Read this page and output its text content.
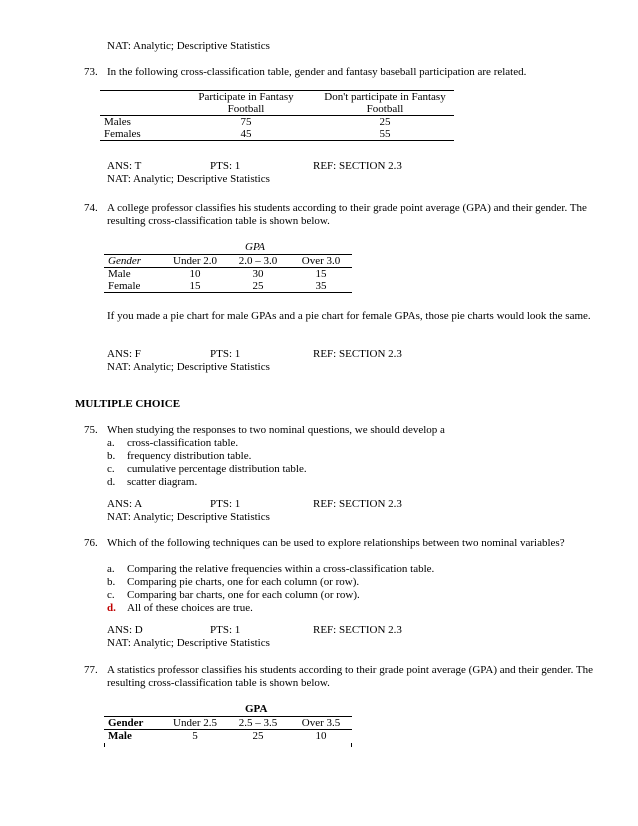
NAT: Analytic; Descriptive Statistics
73. In the following cross-classification table, gender and fantasy baseball participation are related.
	Participate in Fantasy Football	Don't participate in Fantasy Football
Males	75	25
Females	45	55
ANS: T	PTS: 1	REF: SECTION 2.3
NAT: Analytic; Descriptive Statistics
74. A college professor classifies his students according to their grade point average (GPA) and their gender. The resulting cross-classification table is shown below.
GPA
Gender	Under 2.0	2.0 – 3.0	Over 3.0
Male	10	30	15
Female	15	25	35
If you made a pie chart for male GPAs and a pie chart for female GPAs, those pie charts would look the same.
ANS: F	PTS: 1	REF: SECTION 2.3
NAT: Analytic; Descriptive Statistics
MULTIPLE CHOICE
75. When studying the responses to two nominal questions, we should develop a
a. cross-classification table.
b. frequency distribution table.
c. cumulative percentage distribution table.
d. scatter diagram.
ANS: A	PTS: 1	REF: SECTION 2.3
NAT: Analytic; Descriptive Statistics
76. Which of the following techniques can be used to explore relationships between two nominal variables?
a. Comparing the relative frequencies within a cross-classification table.
b. Comparing pie charts, one for each column (or row).
c. Comparing bar charts, one for each column (or row).
d. All of these choices are true.
ANS: D	PTS: 1	REF: SECTION 2.3
NAT: Analytic; Descriptive Statistics
77. A statistics professor classifies his students according to their grade point average (GPA) and their gender. The resulting cross-classification table is shown below.
GPA
Gender	Under 2.5	2.5 – 3.5	Over 3.5
Male	5	25	10
